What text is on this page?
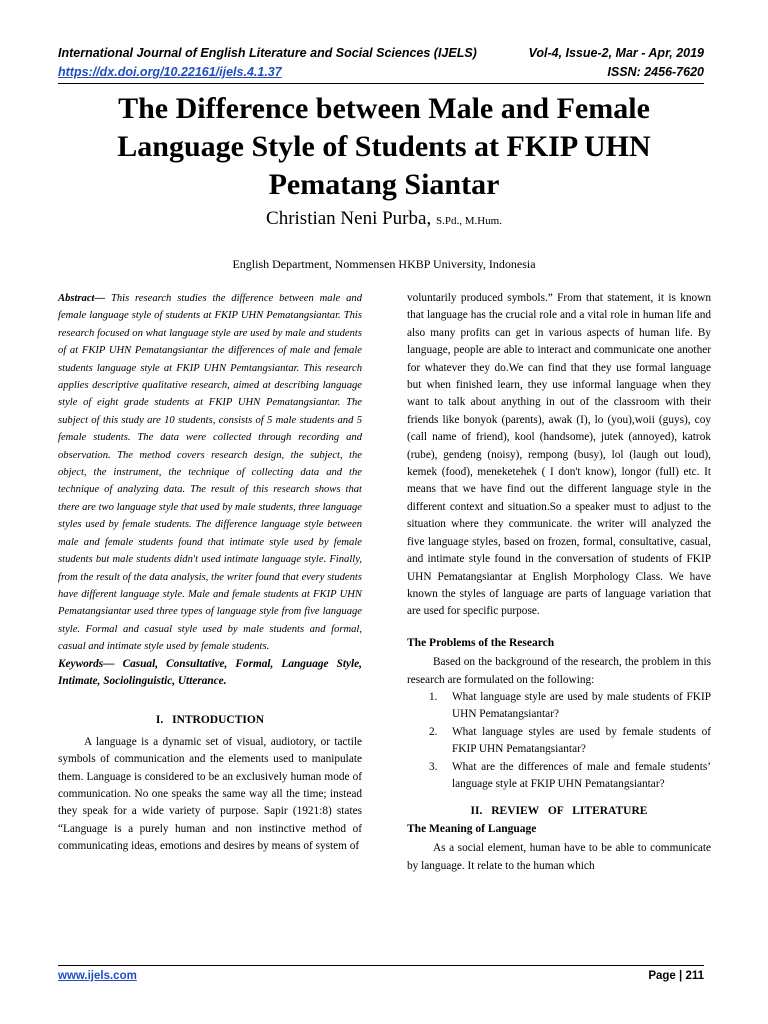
International Journal of English Literature and Social Sciences (IJELS)	Vol-4, Issue-2, Mar - Apr, 2019
https://dx.doi.org/10.22161/ijels.4.1.37	ISSN: 2456-7620
The Difference between Male and Female Language Style of Students at FKIP UHN Pematang Siantar
Christian Neni Purba, S.Pd., M.Hum.
English Department, Nommensen HKBP University, Indonesia

Abstract— This research studies the difference between male and female language style of students at FKIP UHN Pematangsiantar. This research focused on what language style are used by male and students of at FKIP UHN Pematangsiantar the differences of male and female students language style at FKIP UHN Pemtangsiantar. This research applies descriptive qualitative research, aimed at describing language style of eight grade students at FKIP UHN Pematangsiantar. The subject of this study are 10 students, consists of 5 male students and 5 female students. The data were collected through recording and observation. The method covers research design, the subject, the object, the instrument, the technique of collecting data and the technique of analyzing data. The result of this research shows that there are two language style that used by male students, three language styles used by female students. The difference language style between male and female students found that intimate style used by female students but male students didn't used intimate language style. Finally, from the result of the data analysis, the writer found that every students have different language style. Male and female students at FKIP UHN Pematangsiantar used three types of language style from five language style. Formal and casual style used by male students and formal, casual and intimate style used by female students.

Keywords— Casual, Consultative, Formal, Language Style, Intimate, Sociolinguistic, Utterance.

I. INTRODUCTION

A language is a dynamic set of visual, audiotory, or tactile symbols of communication and the elements used to manipulate them. Language is considered to be an exclusively human mode of communication. No one speaks the same way all the time; instead they speak for a wide variety of purpose. Sapir (1921:8) states “Language is a purely human and non instinctive method of communicating ideas, emotions and desires by means of system of

voluntarily produced symbols.” From that statement, it is known that language has the crucial role and a vital role in human life and also many profits can get in various aspects of human life. By language, people are able to interact and communicate one another for whatever they do.We can find that they use formal language but when finished learn, they use informal language when they want to talk about anything in out of the classroom with their friends like bonyok (parents), awak (I), lo (you),woii (guys), coy (call name of friend), kool (handsome), jutek (annoyed), katrok (rube), gendeng (noisy), rempong (busy), lol (laugh out loud), kemek (food), meneketehek ( I don't know), longor (full) etc. It means that we have find out the different language style in the different context and situation.So a speaker must to adjust to the situation where they communicate. the writer will analyzed the five language styles, based on frozen, formal, consultative, casual, and intimate style found in the conversation of students of FKIP UHN Pematangsiantar at English Morphology Class. We have known the styles of language are parts of language variation that are used for specific purpose.

The Problems of the Research

Based on the background of the research, the problem in this research are formulated on the following:

1.	What language style are used by male students of FKIP UHN Pematangsiantar?
2.	What language styles are used by female students of FKIP UHN Pematangsiantar?
3.	What are the differences of male and female students’ language style at FKIP UHN Pematangsiantar?
II. REVIEW OF LITERATURE
The Meaning of Language

As a social element, human have to be able to communicate by language. It relate to the human which

www.ijels.com	Page | 211
